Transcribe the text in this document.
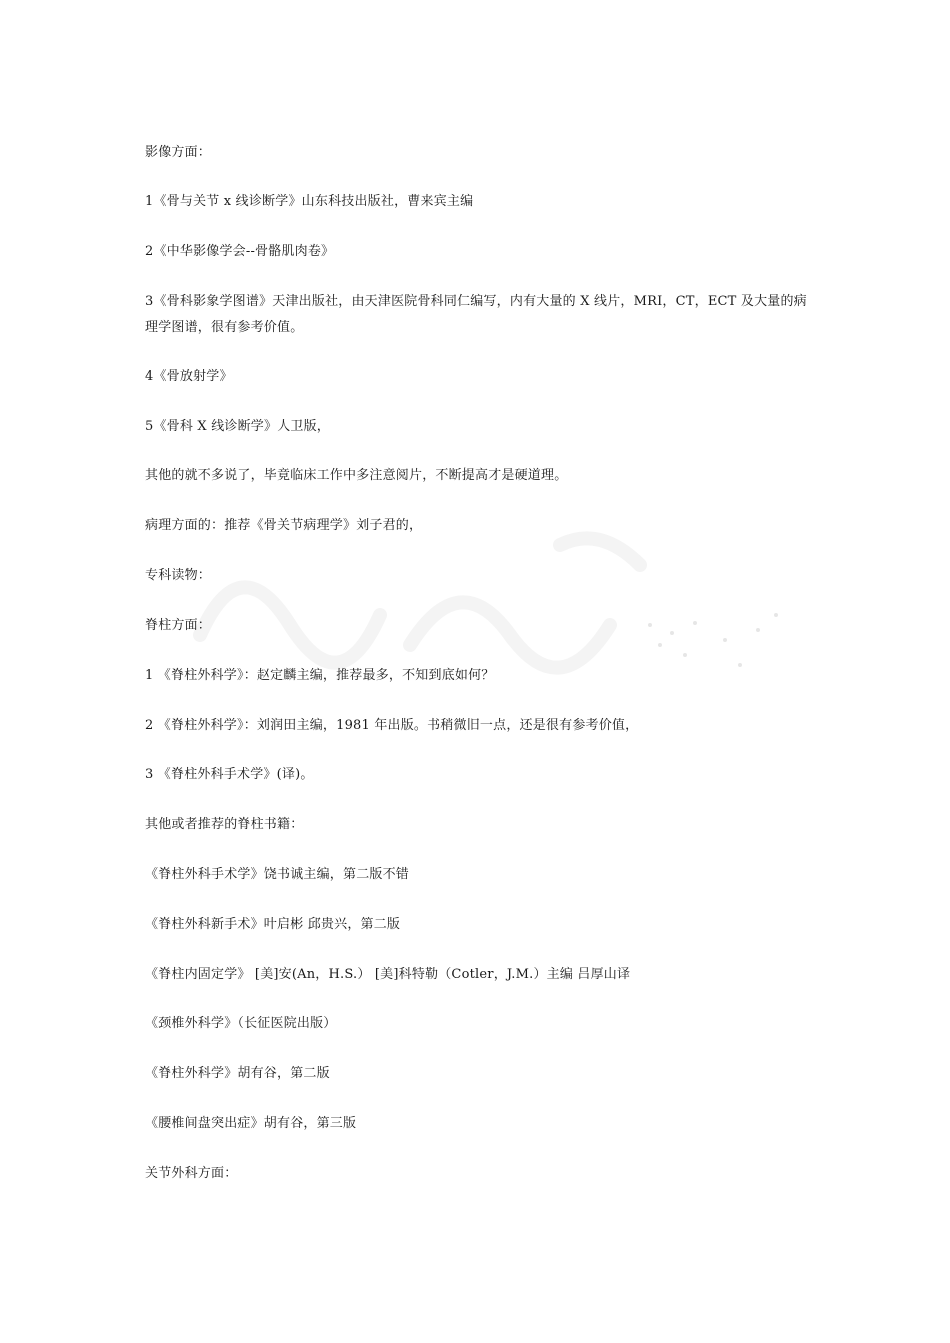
影像方面：
1《骨与关节 x 线诊断学》山东科技出版社，曹来宾主编
2《中华影像学会--骨骼肌肉卷》
3《骨科影象学图谱》天津出版社，由天津医院骨科同仁编写，内有大量的 X 线片，MRI，CT，ECT 及大量的病理学图谱，很有参考价值。
4《骨放射学》
5《骨科 X 线诊断学》人卫版，
其他的就不多说了，毕竟临床工作中多注意阅片，不断提高才是硬道理。
病理方面的：推荐《骨关节病理学》刘子君的，
专科读物：
脊柱方面：
1 《脊柱外科学》：赵定麟主编，推荐最多，不知到底如何？
2 《脊柱外科学》：刘润田主编，1981 年出版。书稍微旧一点，还是很有参考价值，
3 《脊柱外科手术学》(译)。
其他或者推荐的脊柱书籍：
《脊柱外科手术学》饶书诚主编，第二版不错
《脊柱外科新手术》叶启彬 邱贵兴，第二版
《脊柱内固定学》 [美]安(An，H.S.） [美]科特勒（Cotler，J.M.）主编 吕厚山译
《颈椎外科学》（长征医院出版）
《脊柱外科学》胡有谷，第二版
《腰椎间盘突出症》胡有谷，第三版
关节外科方面：
